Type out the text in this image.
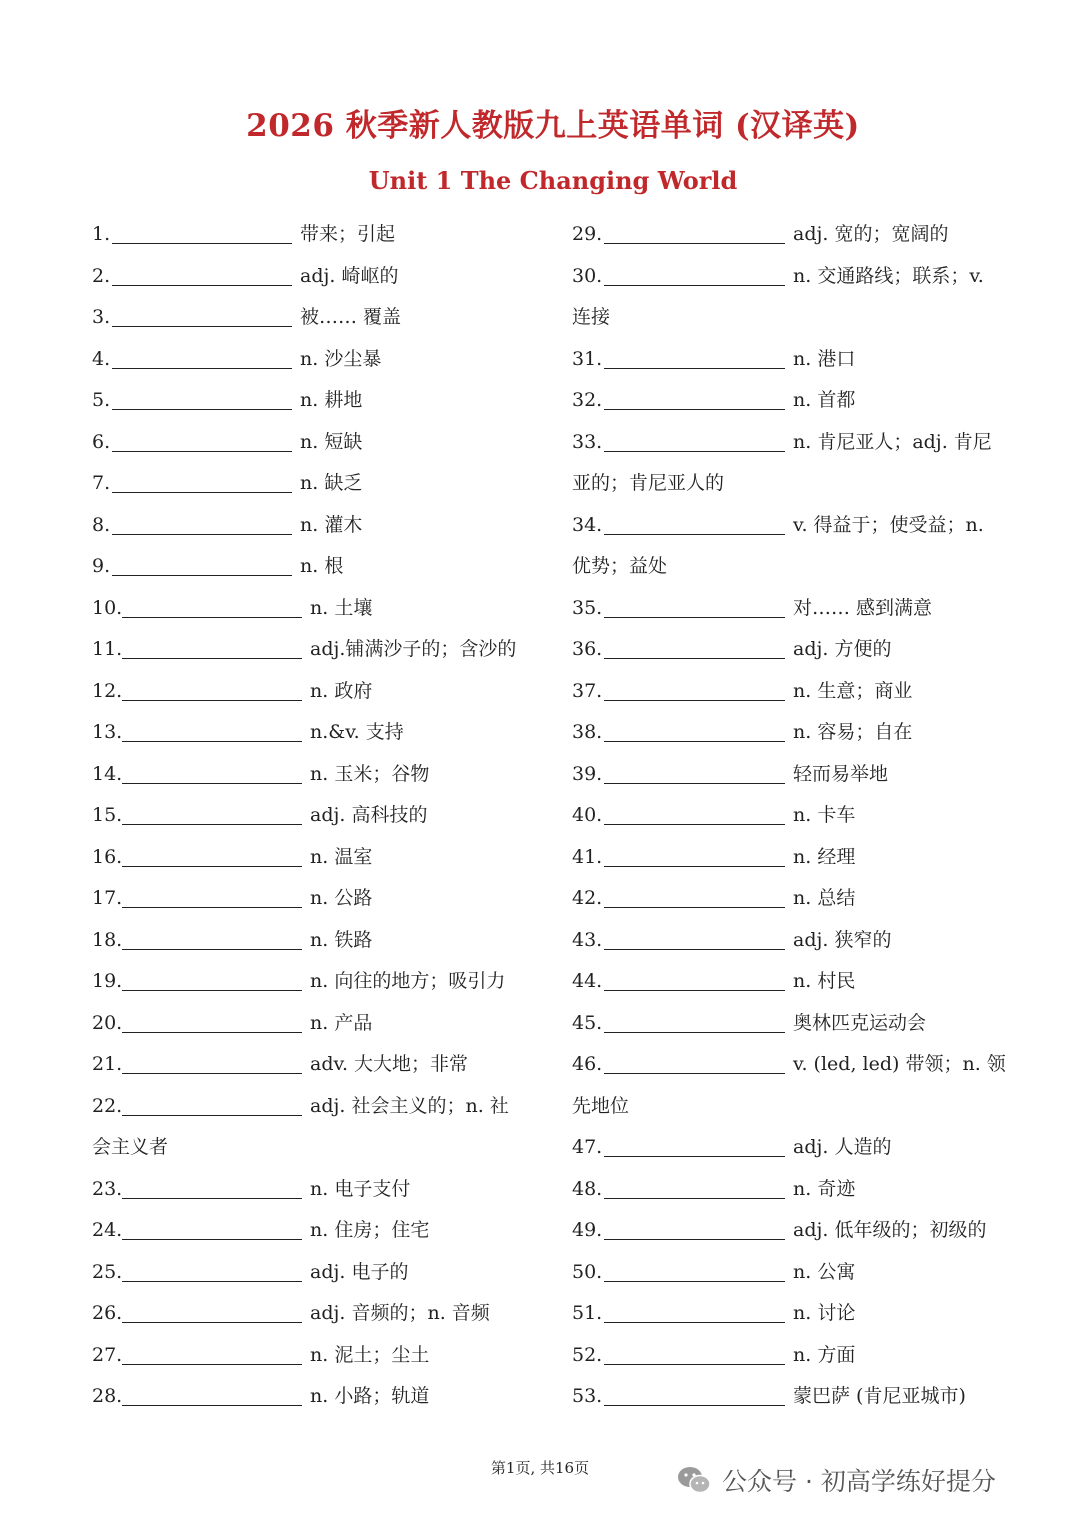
2026 秋季新人教版九上英语单词 (汉译英)
Unit 1 The Changing World
1.	带来；引起
2.	adj. 崎岖的
3.	被…… 覆盖
4.	n. 沙尘暴
5.	n. 耕地
6.	n. 短缺
7.	n. 缺乏
8.	n. 灌木
9.	n. 根
10.	n. 土壤
11.	adj.铺满沙子的；含沙的
12.	n. 政府
13.	n.&v. 支持
14.	n. 玉米；谷物
15.	adj. 高科技的
16.	n. 温室
17.	n. 公路
18.	n. 铁路
19.	n. 向往的地方；吸引力
20.	n. 产品
21.	adv. 大大地；非常
22.	adj. 社会主义的；n. 社
会主义者
23.	n. 电子支付
24.	n. 住房；住宅
25.	adj. 电子的
26.	adj. 音频的；n. 音频
27.	n. 泥土；尘土
28.	n. 小路；轨道
29.	adj. 宽的；宽阔的
30.	n. 交通路线；联系；v.
连接
31.	n. 港口
32.	n. 首都
33.	n. 肯尼亚人；adj. 肯尼
亚的；肯尼亚人的
34.	v. 得益于；使受益；n.
优势；益处
35.	对…… 感到满意
36.	adj. 方便的
37.	n. 生意；商业
38.	n. 容易；自在
39.	轻而易举地
40.	n. 卡车
41.	n. 经理
42.	n. 总结
43.	adj. 狭窄的
44.	n. 村民
45.	奥林匹克运动会
46.	v. (led, led) 带领；n. 领
先地位
47.	adj. 人造的
48.	n. 奇迹
49.	adj. 低年级的；初级的
50.	n. 公寓
51.	n. 讨论
52.	n. 方面
53.	蒙巴萨 (肯尼亚城市)
第1页, 共16页	公众号 · 初高学练好提分
